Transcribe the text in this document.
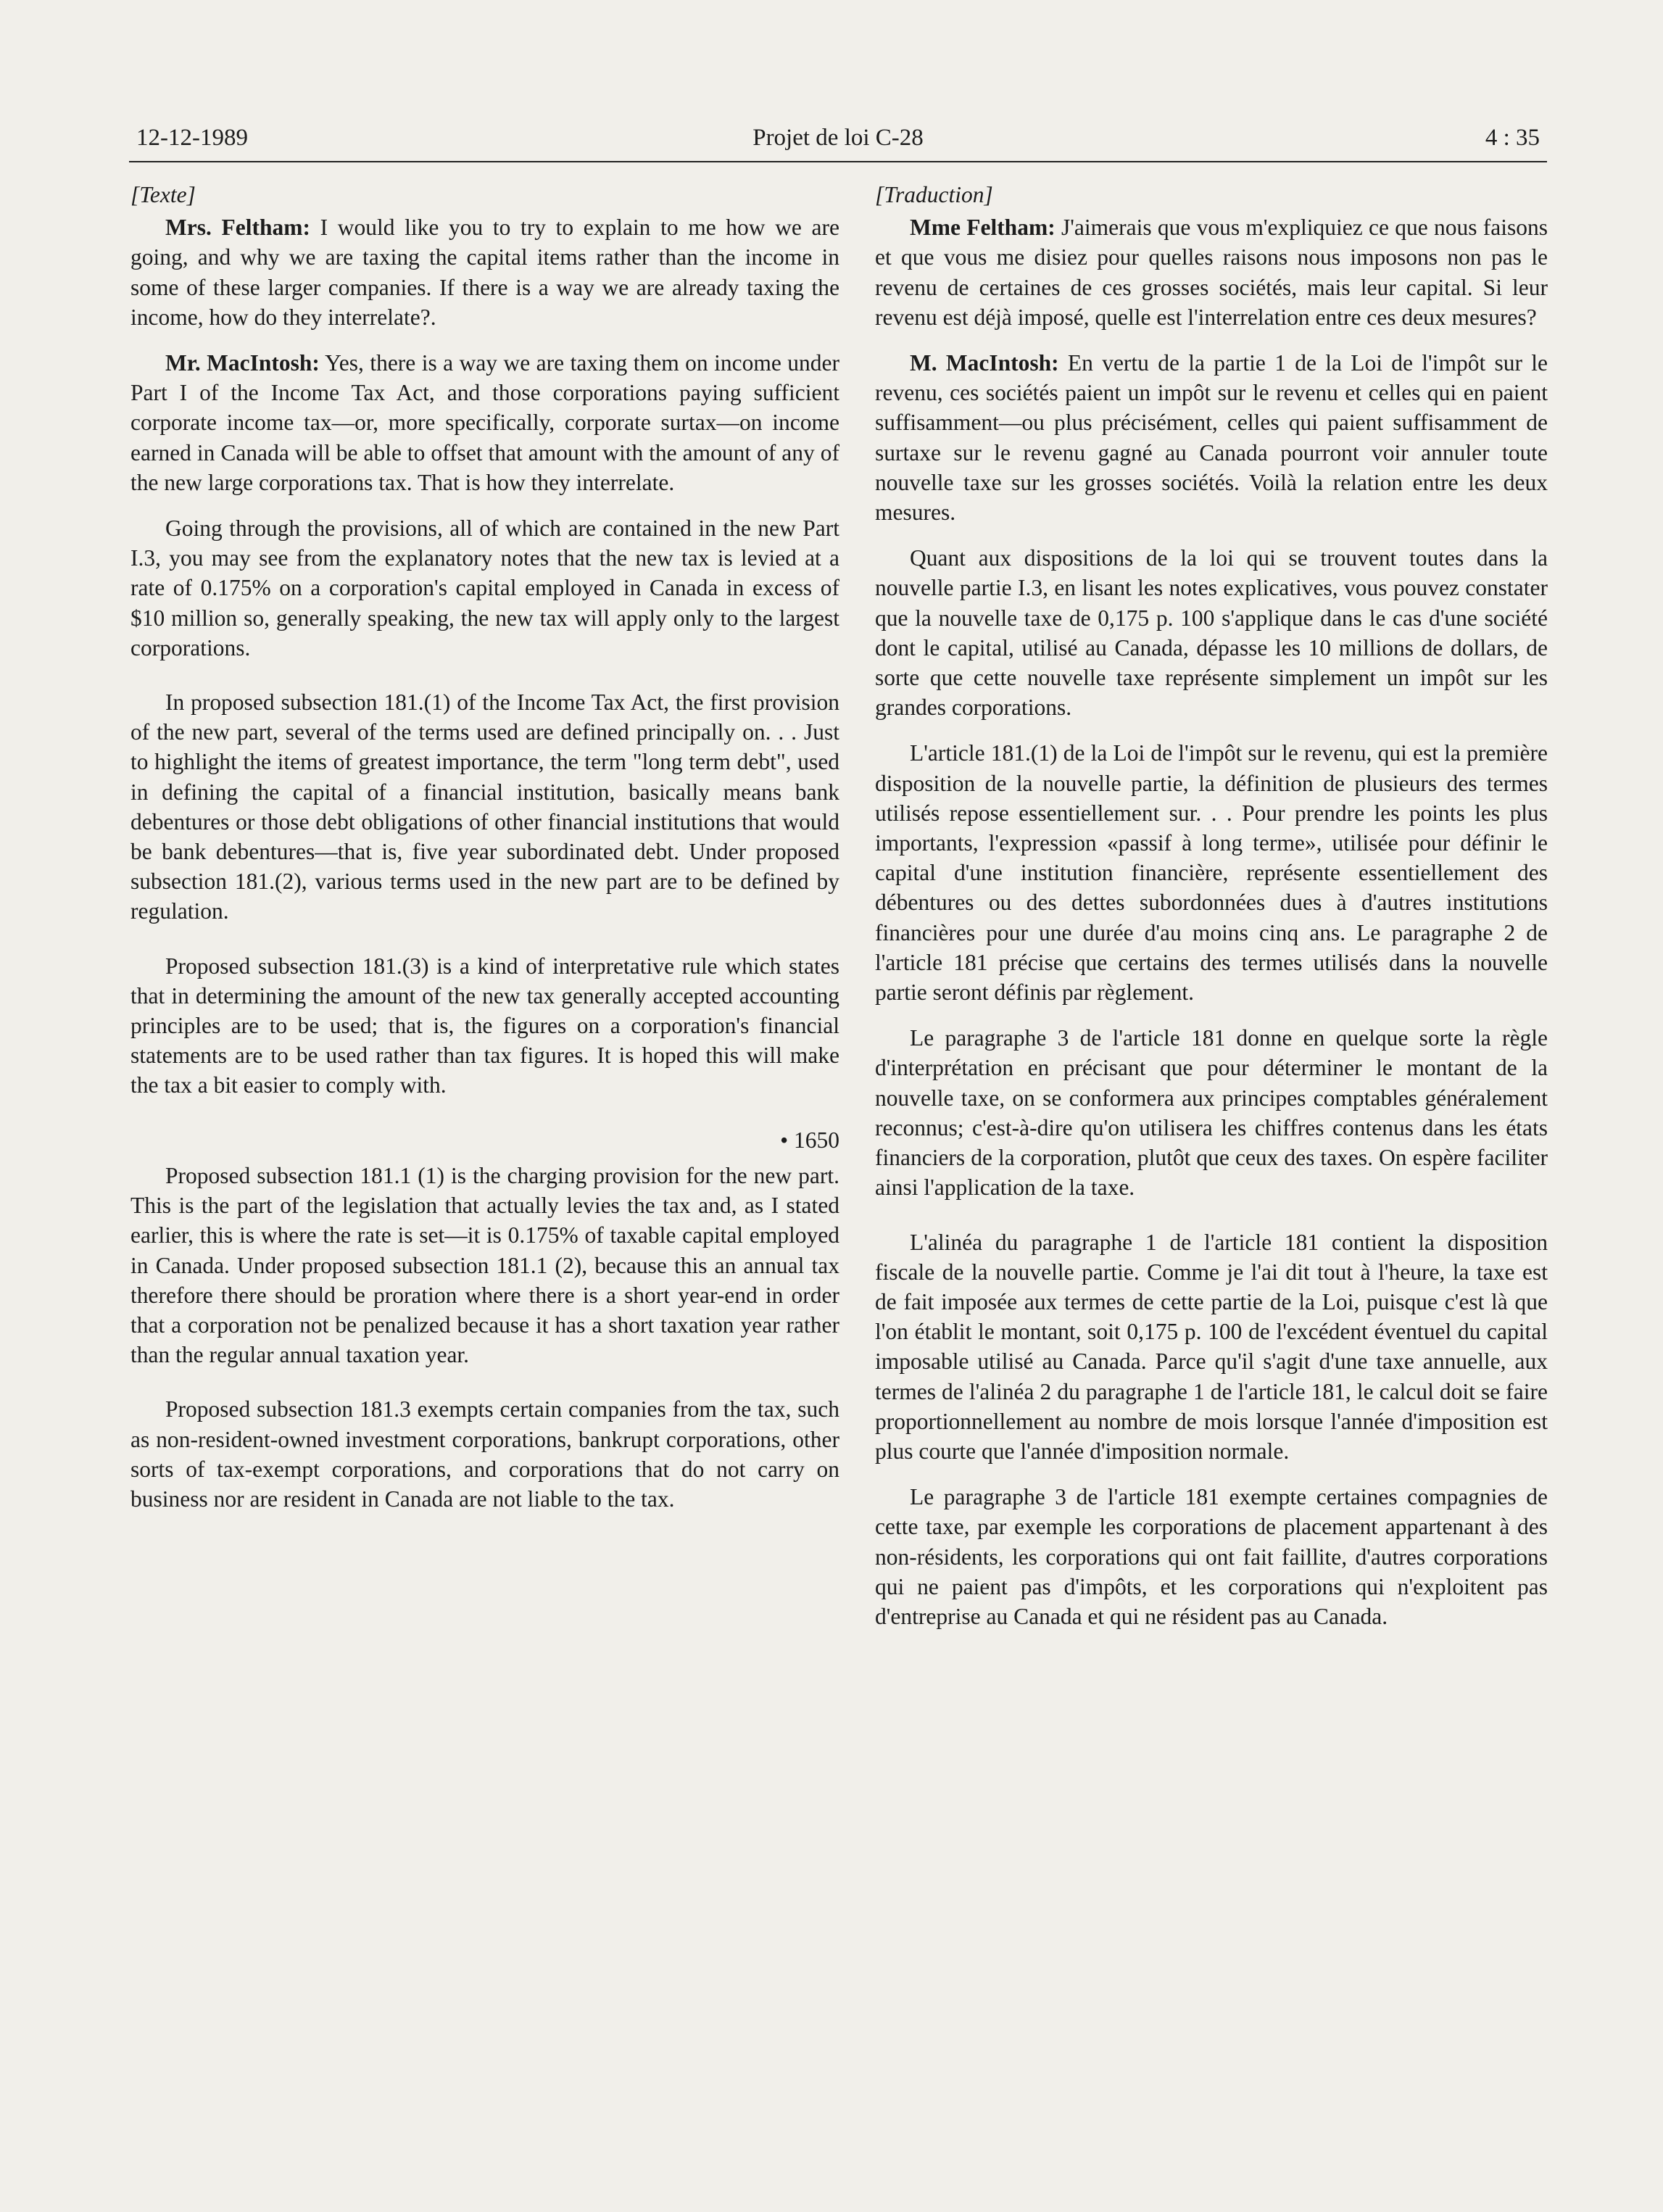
12-12-1989	Projet de loi C-28	4 : 35
[Texte]

Mrs. Feltham: I would like you to try to explain to me how we are going, and why we are taxing the capital items rather than the income in some of these larger companies. If there is a way we are already taxing the income, how do they interrelate?.

Mr. MacIntosh: Yes, there is a way we are taxing them on income under Part I of the Income Tax Act, and those corporations paying sufficient corporate income tax—or, more specifically, corporate surtax—on income earned in Canada will be able to offset that amount with the amount of any of the new large corporations tax. That is how they interrelate.

Going through the provisions, all of which are contained in the new Part I.3, you may see from the explanatory notes that the new tax is levied at a rate of 0.175% on a corporation's capital employed in Canada in excess of $10 million so, generally speaking, the new tax will apply only to the largest corporations.

In proposed subsection 181.(1) of the Income Tax Act, the first provision of the new part, several of the terms used are defined principally on. . . Just to highlight the items of greatest importance, the term "long term debt", used in defining the capital of a financial institution, basically means bank debentures or those debt obligations of other financial institutions that would be bank debentures—that is, five year subordinated debt. Under proposed subsection 181.(2), various terms used in the new part are to be defined by regulation.

Proposed subsection 181.(3) is a kind of interpretative rule which states that in determining the amount of the new tax generally accepted accounting principles are to be used; that is, the figures on a corporation's financial statements are to be used rather than tax figures. It is hoped this will make the tax a bit easier to comply with.

• 1650

Proposed subsection 181.1 (1) is the charging provision for the new part. This is the part of the legislation that actually levies the tax and, as I stated earlier, this is where the rate is set—it is 0.175% of taxable capital employed in Canada. Under proposed subsection 181.1 (2), because this an annual tax therefore there should be proration where there is a short year-end in order that a corporation not be penalized because it has a short taxation year rather than the regular annual taxation year.

Proposed subsection 181.3 exempts certain companies from the tax, such as non-resident-owned investment corporations, bankrupt corporations, other sorts of tax-exempt corporations, and corporations that do not carry on business nor are resident in Canada are not liable to the tax.

[Traduction]

Mme Feltham: J'aimerais que vous m'expliquiez ce que nous faisons et que vous me disiez pour quelles raisons nous imposons non pas le revenu de certaines de ces grosses sociétés, mais leur capital. Si leur revenu est déjà imposé, quelle est l'interrelation entre ces deux mesures?

M. MacIntosh: En vertu de la partie 1 de la Loi de l'impôt sur le revenu, ces sociétés paient un impôt sur le revenu et celles qui en paient suffisamment—ou plus précisément, celles qui paient suffisamment de surtaxe sur le revenu gagné au Canada pourront voir annuler toute nouvelle taxe sur les grosses sociétés. Voilà la relation entre les deux mesures.

Quant aux dispositions de la loi qui se trouvent toutes dans la nouvelle partie I.3, en lisant les notes explicatives, vous pouvez constater que la nouvelle taxe de 0,175 p. 100 s'applique dans le cas d'une société dont le capital, utilisé au Canada, dépasse les 10 millions de dollars, de sorte que cette nouvelle taxe représente simplement un impôt sur les grandes corporations.

L'article 181.(1) de la Loi de l'impôt sur le revenu, qui est la première disposition de la nouvelle partie, la définition de plusieurs des termes utilisés repose essentiellement sur. . . Pour prendre les points les plus importants, l'expression «passif à long terme», utilisée pour définir le capital d'une institution financière, représente essentiellement des débentures ou des dettes subordonnées dues à d'autres institutions financières pour une durée d'au moins cinq ans. Le paragraphe 2 de l'article 181 précise que certains des termes utilisés dans la nouvelle partie seront définis par règlement.

Le paragraphe 3 de l'article 181 donne en quelque sorte la règle d'interprétation en précisant que pour déterminer le montant de la nouvelle taxe, on se conformera aux principes comptables généralement reconnus; c'est-à-dire qu'on utilisera les chiffres contenus dans les états financiers de la corporation, plutôt que ceux des taxes. On espère faciliter ainsi l'application de la taxe.

L'alinéa du paragraphe 1 de l'article 181 contient la disposition fiscale de la nouvelle partie. Comme je l'ai dit tout à l'heure, la taxe est de fait imposée aux termes de cette partie de la Loi, puisque c'est là que l'on établit le montant, soit 0,175 p. 100 de l'excédent éventuel du capital imposable utilisé au Canada. Parce qu'il s'agit d'une taxe annuelle, aux termes de l'alinéa 2 du paragraphe 1 de l'article 181, le calcul doit se faire proportionnellement au nombre de mois lorsque l'année d'imposition est plus courte que l'année d'imposition normale.

Le paragraphe 3 de l'article 181 exempte certaines compagnies de cette taxe, par exemple les corporations de placement appartenant à des non-résidents, les corporations qui ont fait faillite, d'autres corporations qui ne paient pas d'impôts, et les corporations qui n'exploitent pas d'entreprise au Canada et qui ne résident pas au Canada.
